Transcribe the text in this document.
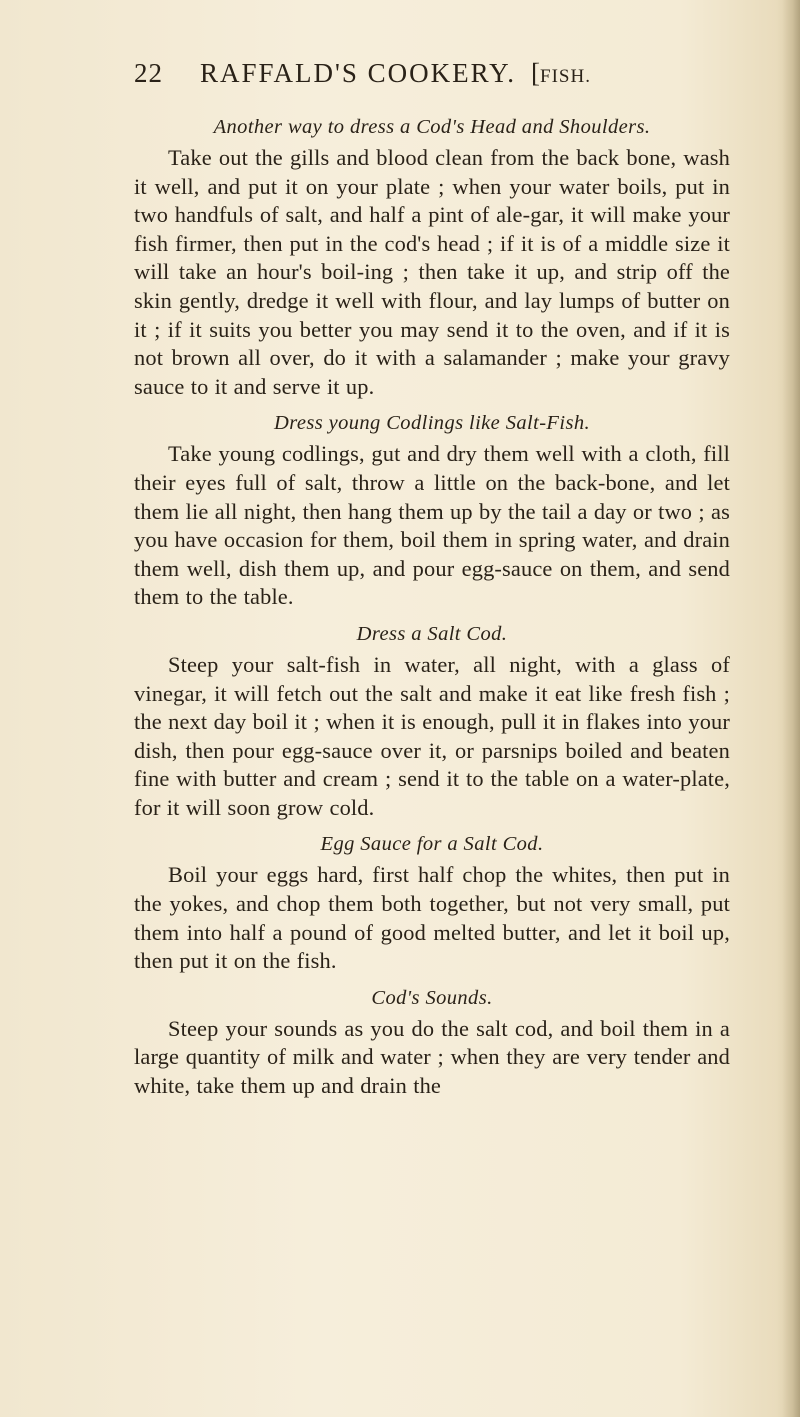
22 RAFFALD'S COOKERY. [FISH.

Another way to dress a Cod's Head and Shoulders.

Take out the gills and blood clean from the back bone, wash it well, and put it on your plate ; when your water boils, put in two handfuls of salt, and half a pint of ale-gar, it will make your fish firmer, then put in the cod's head ; if it is of a middle size it will take an hour's boil-ing ; then take it up, and strip off the skin gently, dredge it well with flour, and lay lumps of butter on it ; if it suits you better you may send it to the oven, and if it is not brown all over, do it with a salamander ; make your gravy sauce to it and serve it up.

Dress young Codlings like Salt-Fish.

Take young codlings, gut and dry them well with a cloth, fill their eyes full of salt, throw a little on the back-bone, and let them lie all night, then hang them up by the tail a day or two ; as you have occasion for them, boil them in spring water, and drain them well, dish them up, and pour egg-sauce on them, and send them to the table.

Dress a Salt Cod.

Steep your salt-fish in water, all night, with a glass of vinegar, it will fetch out the salt and make it eat like fresh fish ; the next day boil it ; when it is enough, pull it in flakes into your dish, then pour egg-sauce over it, or parsnips boiled and beaten fine with butter and cream ; send it to the table on a water-plate, for it will soon grow cold.

Egg Sauce for a Salt Cod.

Boil your eggs hard, first half chop the whites, then put in the yokes, and chop them both together, but not very small, put them into half a pound of good melted butter, and let it boil up, then put it on the fish.

Cod's Sounds.

Steep your sounds as you do the salt cod, and boil them in a large quantity of milk and water ; when they are very tender and white, take them up and drain the
